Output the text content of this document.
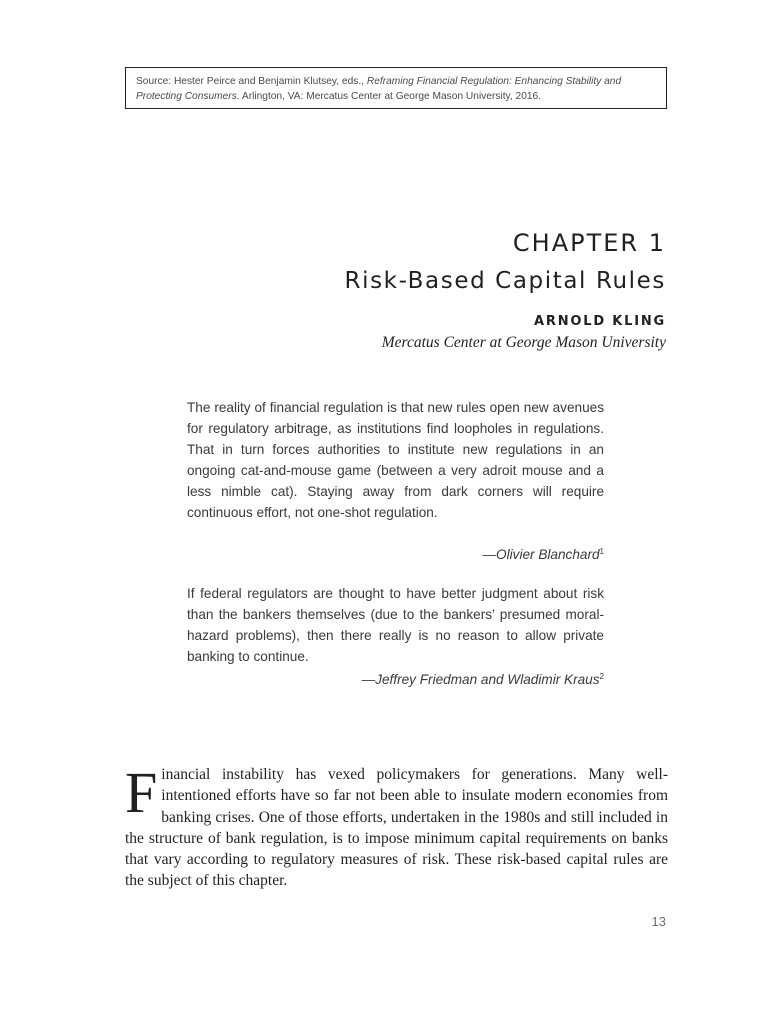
Source: Hester Peirce and Benjamin Klutsey, eds., Reframing Financial Regulation: Enhancing Stability and Protecting Consumers. Arlington, VA: Mercatus Center at George Mason University, 2016.
CHAPTER 1
Risk-Based Capital Rules
ARNOLD KLING
Mercatus Center at George Mason University

The reality of financial regulation is that new rules open new avenues for regulatory arbitrage, as institutions find loopholes in regulations. That in turn forces authorities to institute new regulations in an ongoing cat-and-mouse game (between a very adroit mouse and a less nimble cat). Staying away from dark corners will require continuous effort, not one-shot regulation.

—Olivier Blanchard$^1$

If federal regulators are thought to have better judgment about risk than the bankers themselves (due to the bankers’ presumed moral-hazard problems), then there really is no reason to allow private banking to continue.

—Jeffrey Friedman and Wladimir Kraus$^2$

Financial instability has vexed policymakers for generations. Many well-intentioned efforts have so far not been able to insulate modern economies from banking crises. One of those efforts, undertaken in the 1980s and still included in the structure of bank regulation, is to impose minimum capital requirements on banks that vary according to regulatory measures of risk. These risk-based capital rules are the subject of this chapter.

13
